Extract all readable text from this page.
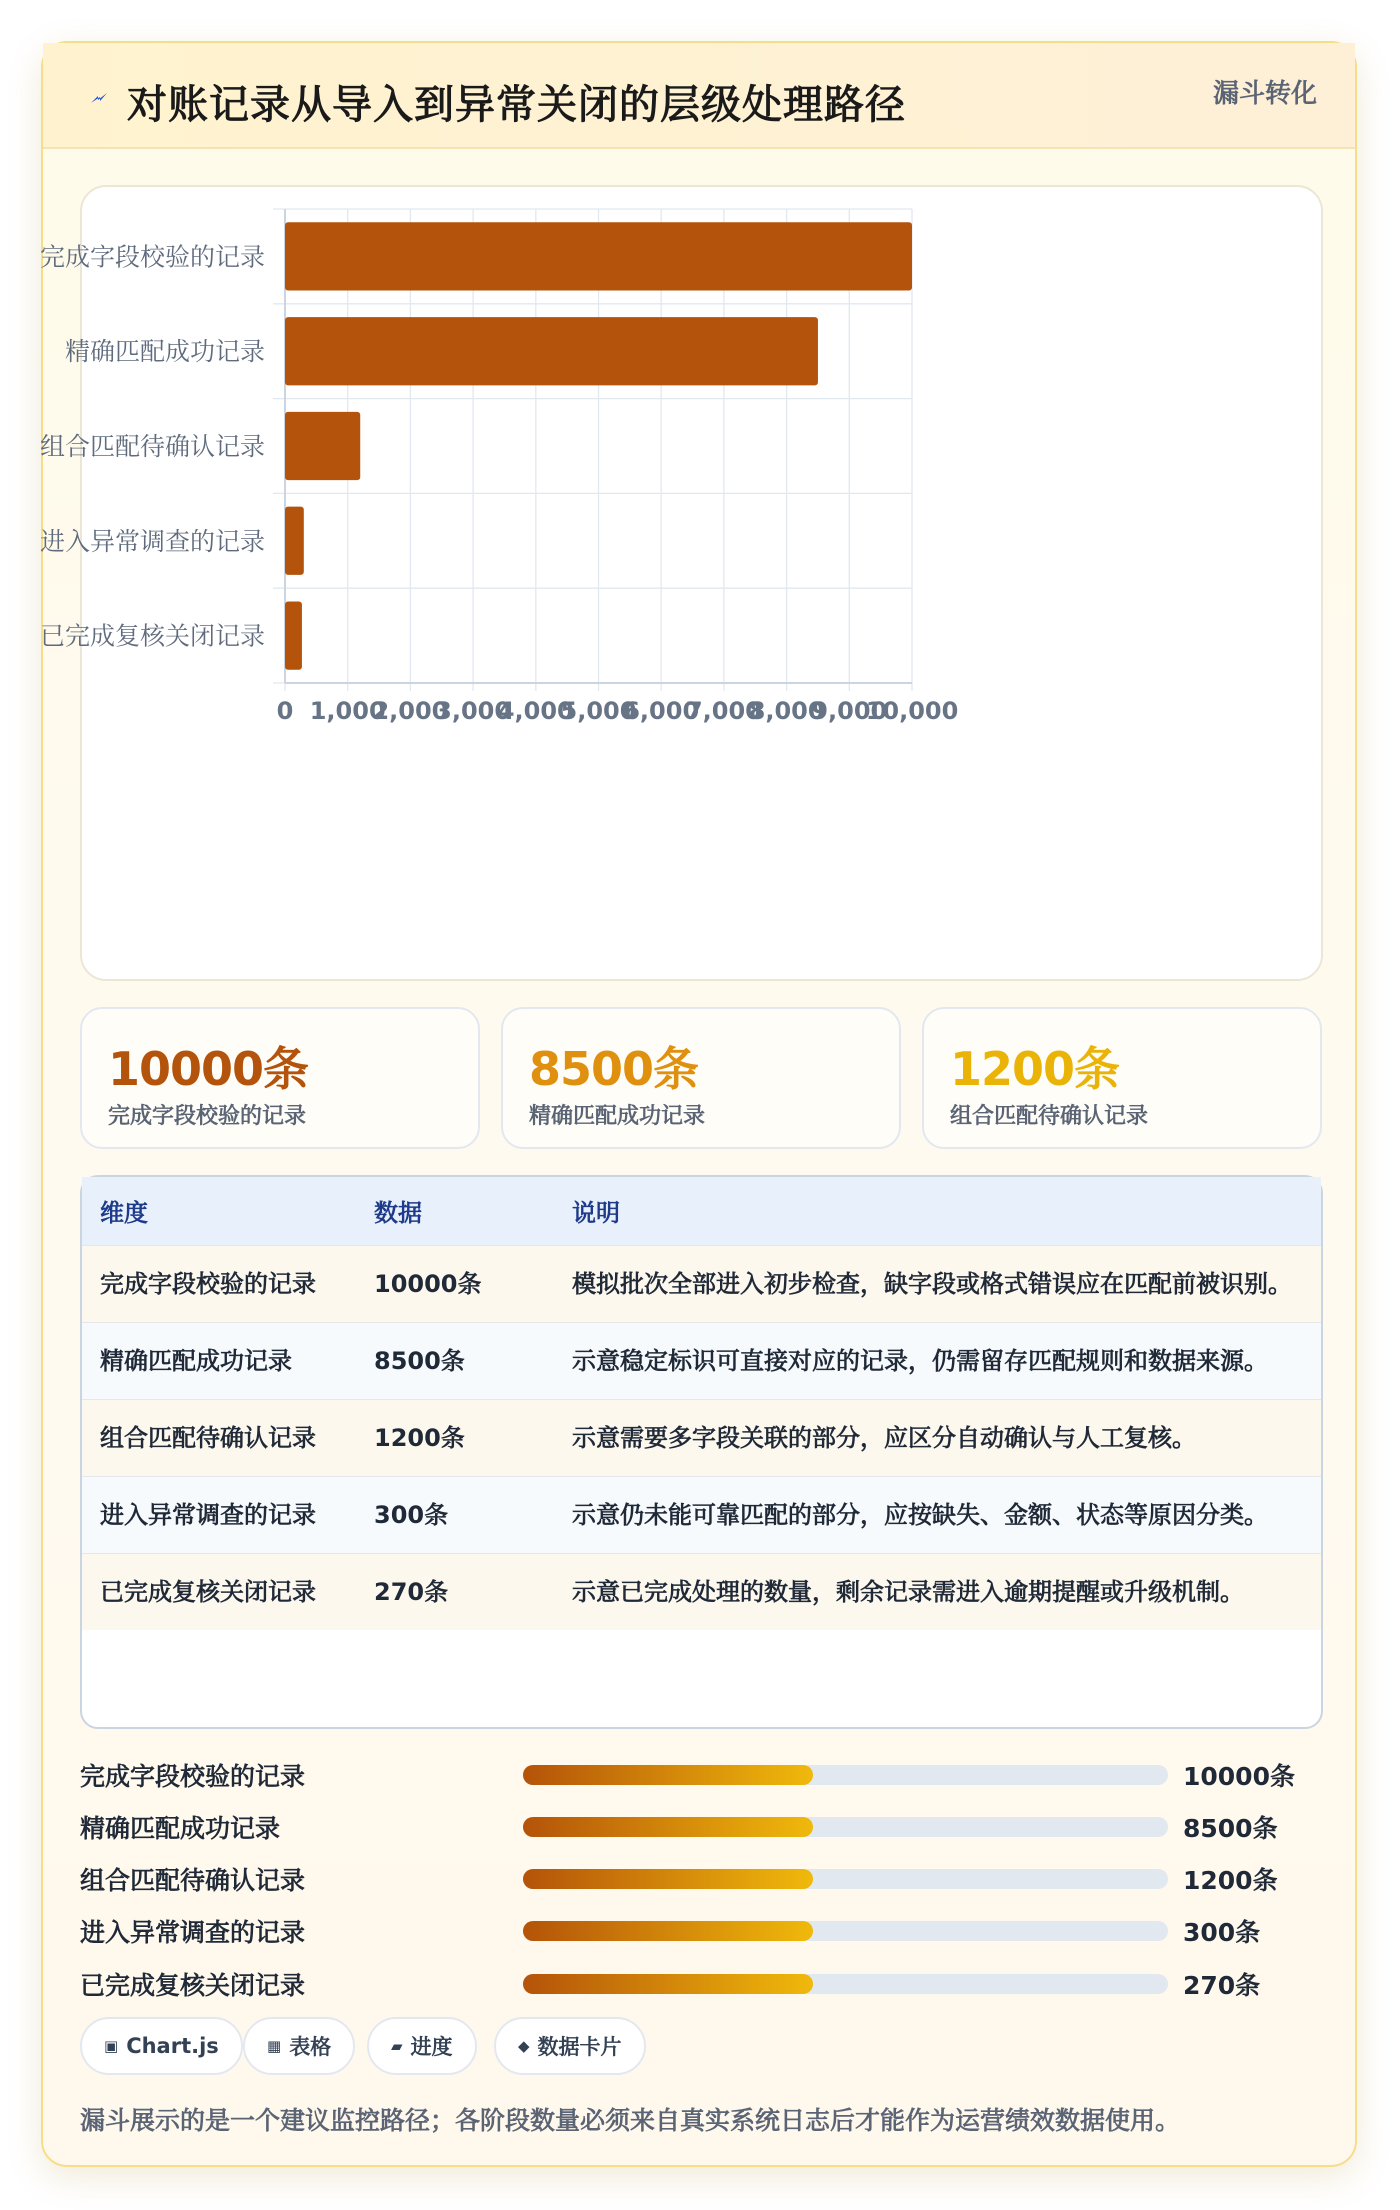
对账记录从导入到异常关闭的层级处理路径	漏斗转化
0 1,000
2,000
3,000
4,000
5,000
6,000
7,000
8,000
9,000
10,000
完成字段校验的记录
精确匹配成功记录
组合匹配待确认记录
进入异常调查的记录
已完成复核关闭记录
10000条
完成字段校验的记录
8500条
精确匹配成功记录
1200条
组合匹配待确认记录
维度	数据	说明
完成字段校验的记录	10000条	模拟批次全部进入初步检查，缺字段或格式错误应在匹配前被识别。
精确匹配成功记录	8500条	示意稳定标识可直接对应的记录，仍需留存匹配规则和数据来源。
组合匹配待确认记录	1200条	示意需要多字段关联的部分，应区分自动确认与人工复核。
进入异常调查的记录	300条	示意仍未能可靠匹配的部分，应按缺失、金额、状态等原因分类。
已完成复核关闭记录	270条	示意已完成处理的数量，剩余记录需进入逾期提醒或升级机制。
完成字段校验的记录	10000条
精确匹配成功记录	8500条
组合匹配待确认记录	1200条
进入异常调查的记录	300条
已完成复核关闭记录	270条
▣ Chart.js	▦ 表格	▰ 进度	◆ 数据卡片
漏斗展示的是一个建议监控路径；各阶段数量必须来自真实系统日志后才能作为运营绩效数据使用。
